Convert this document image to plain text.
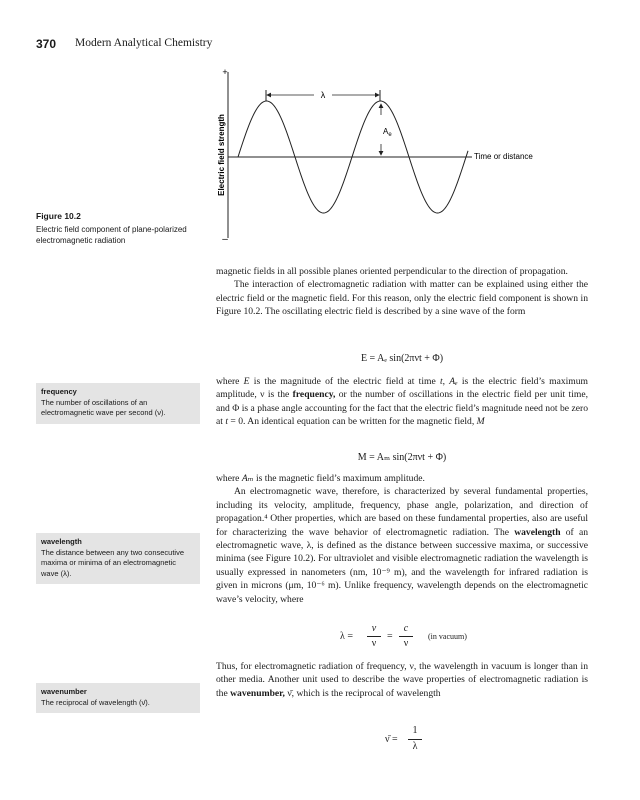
370 Modern Analytical Chemistry
+
–
Electric field strength	Time or distance
λ
$A_e$
Figure 10.2
Electric field component of plane-polarized electromagnetic radiation
frequency
The number of oscillations of an electromagnetic wave per second (ν).
wavelength
The distance between any two consecutive maxima or minima of an electromagnetic wave (λ).
wavenumber
The reciprocal of wavelength (ν̄).

magnetic fields in all possible planes oriented perpendicular to the direction of propagation.

The interaction of electromagnetic radiation with matter can be explained using either the electric field or the magnetic field. For this reason, only the electric field component is shown in Figure 10.2. The oscillating electric field is described by a sine wave of the form

E = Aₑ sin(2πνt + Φ)

where E is the magnitude of the electric field at time t, Aₑ is the electric field’s maximum amplitude, ν is the frequency, or the number of oscillations in the electric field per unit time, and Φ is a phase angle accounting for the fact that the electric field’s magnitude need not be zero at t = 0. An identical equation can be written for the magnetic field, M

M = Aₘ sin(2πνt + Φ)

where Aₘ is the magnetic field’s maximum amplitude.

An electromagnetic wave, therefore, is characterized by several fundamental properties, including its velocity, amplitude, frequency, phase angle, polarization, and direction of propagation.⁴ Other properties, which are based on these fundamental properties, also are useful for characterizing the wave behavior of electromagnetic radiation. The wavelength of an electromagnetic wave, λ, is defined as the distance between successive maxima, or successive minima (see Figure 10.2). For ultraviolet and visible electromagnetic radiation the wavelength is usually expressed in nanometers (nm, 10⁻⁹ m), and the wavelength for infrared radiation is given in microns (μm, 10⁻⁶ m). Unlike frequency, wavelength depends on the electromagnetic wave’s velocity, where

λ =
v
ν
=
c
ν
(in vacuum)

Thus, for electromagnetic radiation of frequency, ν, the wavelength in vacuum is longer than in other media. Another unit used to describe the wave properties of electromagnetic radiation is the wavenumber, ν̄, which is the reciprocal of wavelength

ν̄ =
1
λ
